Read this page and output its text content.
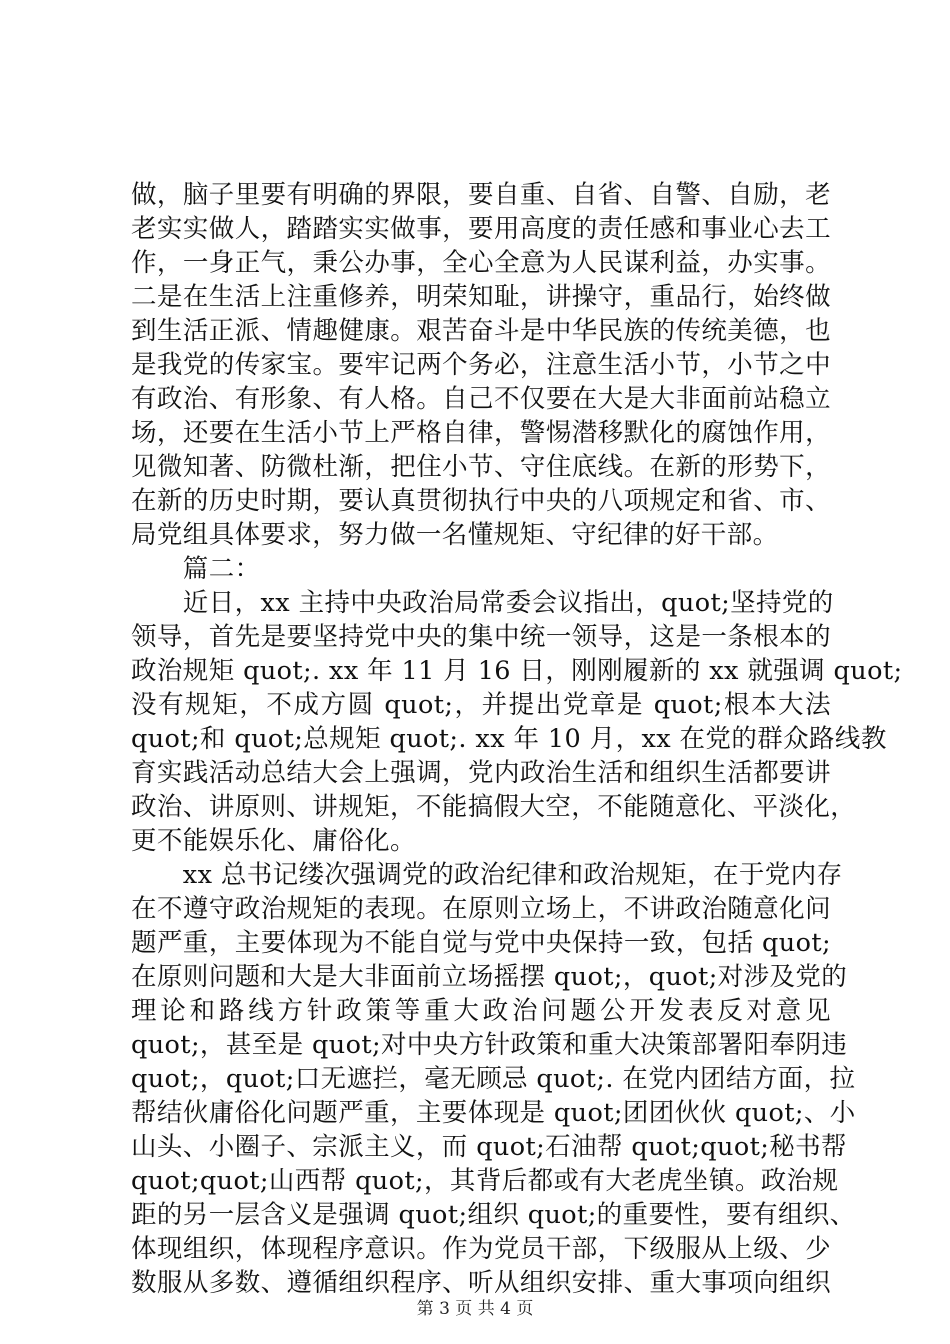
做，脑子里要有明确的界限，要自重、自省、自警、自励，老
老实实做人，踏踏实实做事，要用高度的责任感和事业心去工
作，一身正气，秉公办事，全心全意为人民谋利益，办实事。
二是在生活上注重修养，明荣知耻，讲操守，重品行，始终做
到生活正派、情趣健康。艰苦奋斗是中华民族的传统美德，也
是我党的传家宝。要牢记两个务必，注意生活小节，小节之中
有政治、有形象、有人格。自己不仅要在大是大非面前站稳立
场，还要在生活小节上严格自律，警惕潜移默化的腐蚀作用，
见微知著、防微杜渐，把住小节、守住底线。在新的形势下，
在新的历史时期，要认真贯彻执行中央的八项规定和省、市、
局党组具体要求，努力做一名懂规矩、守纪律的好干部。
　　篇二：
　　近日，xx 主持中央政治局常委会议指出，quot;坚持党的
领导，首先是要坚持党中央的集中统一领导，这是一条根本的
政治规矩 quot;. xx 年 11 月 16 日，刚刚履新的 xx 就强调 quot;
没有规矩，不成方圆 quot;，并提出党章是 quot;根本大法
quot;和 quot;总规矩 quot;. xx 年 10 月，xx 在党的群众路线教
育实践活动总结大会上强调，党内政治生活和组织生活都要讲
政治、讲原则、讲规矩，不能搞假大空，不能随意化、平淡化，
更不能娱乐化、庸俗化。
　　xx 总书记缕次强调党的政治纪律和政治规矩，在于党内存
在不遵守政治规矩的表现。在原则立场上，不讲政治随意化问
题严重，主要体现为不能自觉与党中央保持一致，包括 quot;
在原则问题和大是大非面前立场摇摆 quot;，quot;对涉及党的
理论和路线方针政策等重大政治问题公开发表反对意见
quot;，甚至是 quot;对中央方针政策和重大决策部署阳奉阴违
quot;，quot;口无遮拦，毫无顾忌 quot;. 在党内团结方面，拉
帮结伙庸俗化问题严重，主要体现是 quot;团团伙伙 quot;、小
山头、小圈子、宗派主义，而 quot;石油帮 quot;quot;秘书帮
quot;quot;山西帮 quot;，其背后都或有大老虎坐镇。政治规
距的另一层含义是强调 quot;组织 quot;的重要性，要有组织、
体现组织，体现程序意识。作为党员干部，下级服从上级、少
数服从多数、遵循组织程序、听从组织安排、重大事项向组织
第 3 页 共 4 页
